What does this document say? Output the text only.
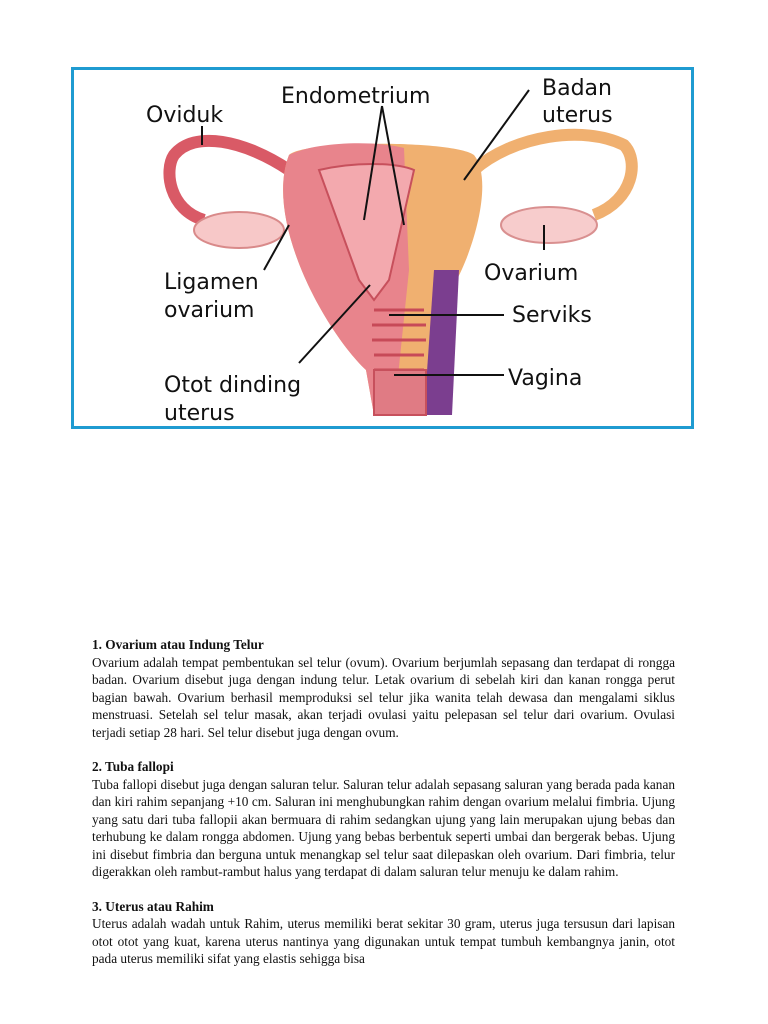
Oviduk
Endometrium	Badan
uterus
Ligamen
ovarium
Ovarium
Serviks
Otot dinding
uterus
Vagina
1. Ovarium atau Indung Telur

Ovarium adalah tempat pembentukan sel telur (ovum). Ovarium berjumlah sepasang dan terdapat di rongga badan. Ovarium disebut juga dengan indung telur. Letak ovarium di sebelah kiri dan kanan rongga perut bagian bawah. Ovarium berhasil memproduksi sel telur jika wanita telah dewasa dan mengalami siklus menstruasi. Setelah sel telur masak, akan terjadi ovulasi yaitu pelepasan sel telur dari ovarium. Ovulasi terjadi setiap 28 hari. Sel telur disebut juga dengan ovum.

2. Tuba fallopi

Tuba fallopi disebut juga dengan saluran telur. Saluran telur adalah sepasang saluran yang berada pada kanan dan kiri rahim sepanjang +10 cm. Saluran ini menghubungkan rahim dengan ovarium melalui fimbria. Ujung yang satu dari tuba fallopii akan bermuara di rahim sedangkan ujung yang lain merupakan ujung bebas dan terhubung ke dalam rongga abdomen. Ujung yang bebas berbentuk seperti umbai dan bergerak bebas. Ujung ini disebut fimbria dan berguna untuk menangkap sel telur saat dilepaskan oleh ovarium. Dari fimbria, telur digerakkan oleh rambut-rambut halus yang terdapat di dalam saluran telur menuju ke dalam rahim.

3. Uterus atau Rahim

Uterus adalah wadah untuk Rahim, uterus memiliki berat sekitar 30 gram, uterus juga tersusun dari lapisan otot otot yang kuat, karena uterus nantinya yang digunakan untuk tempat tumbuh kembangnya janin, otot pada uterus memiliki sifat yang elastis sehigga bisa
